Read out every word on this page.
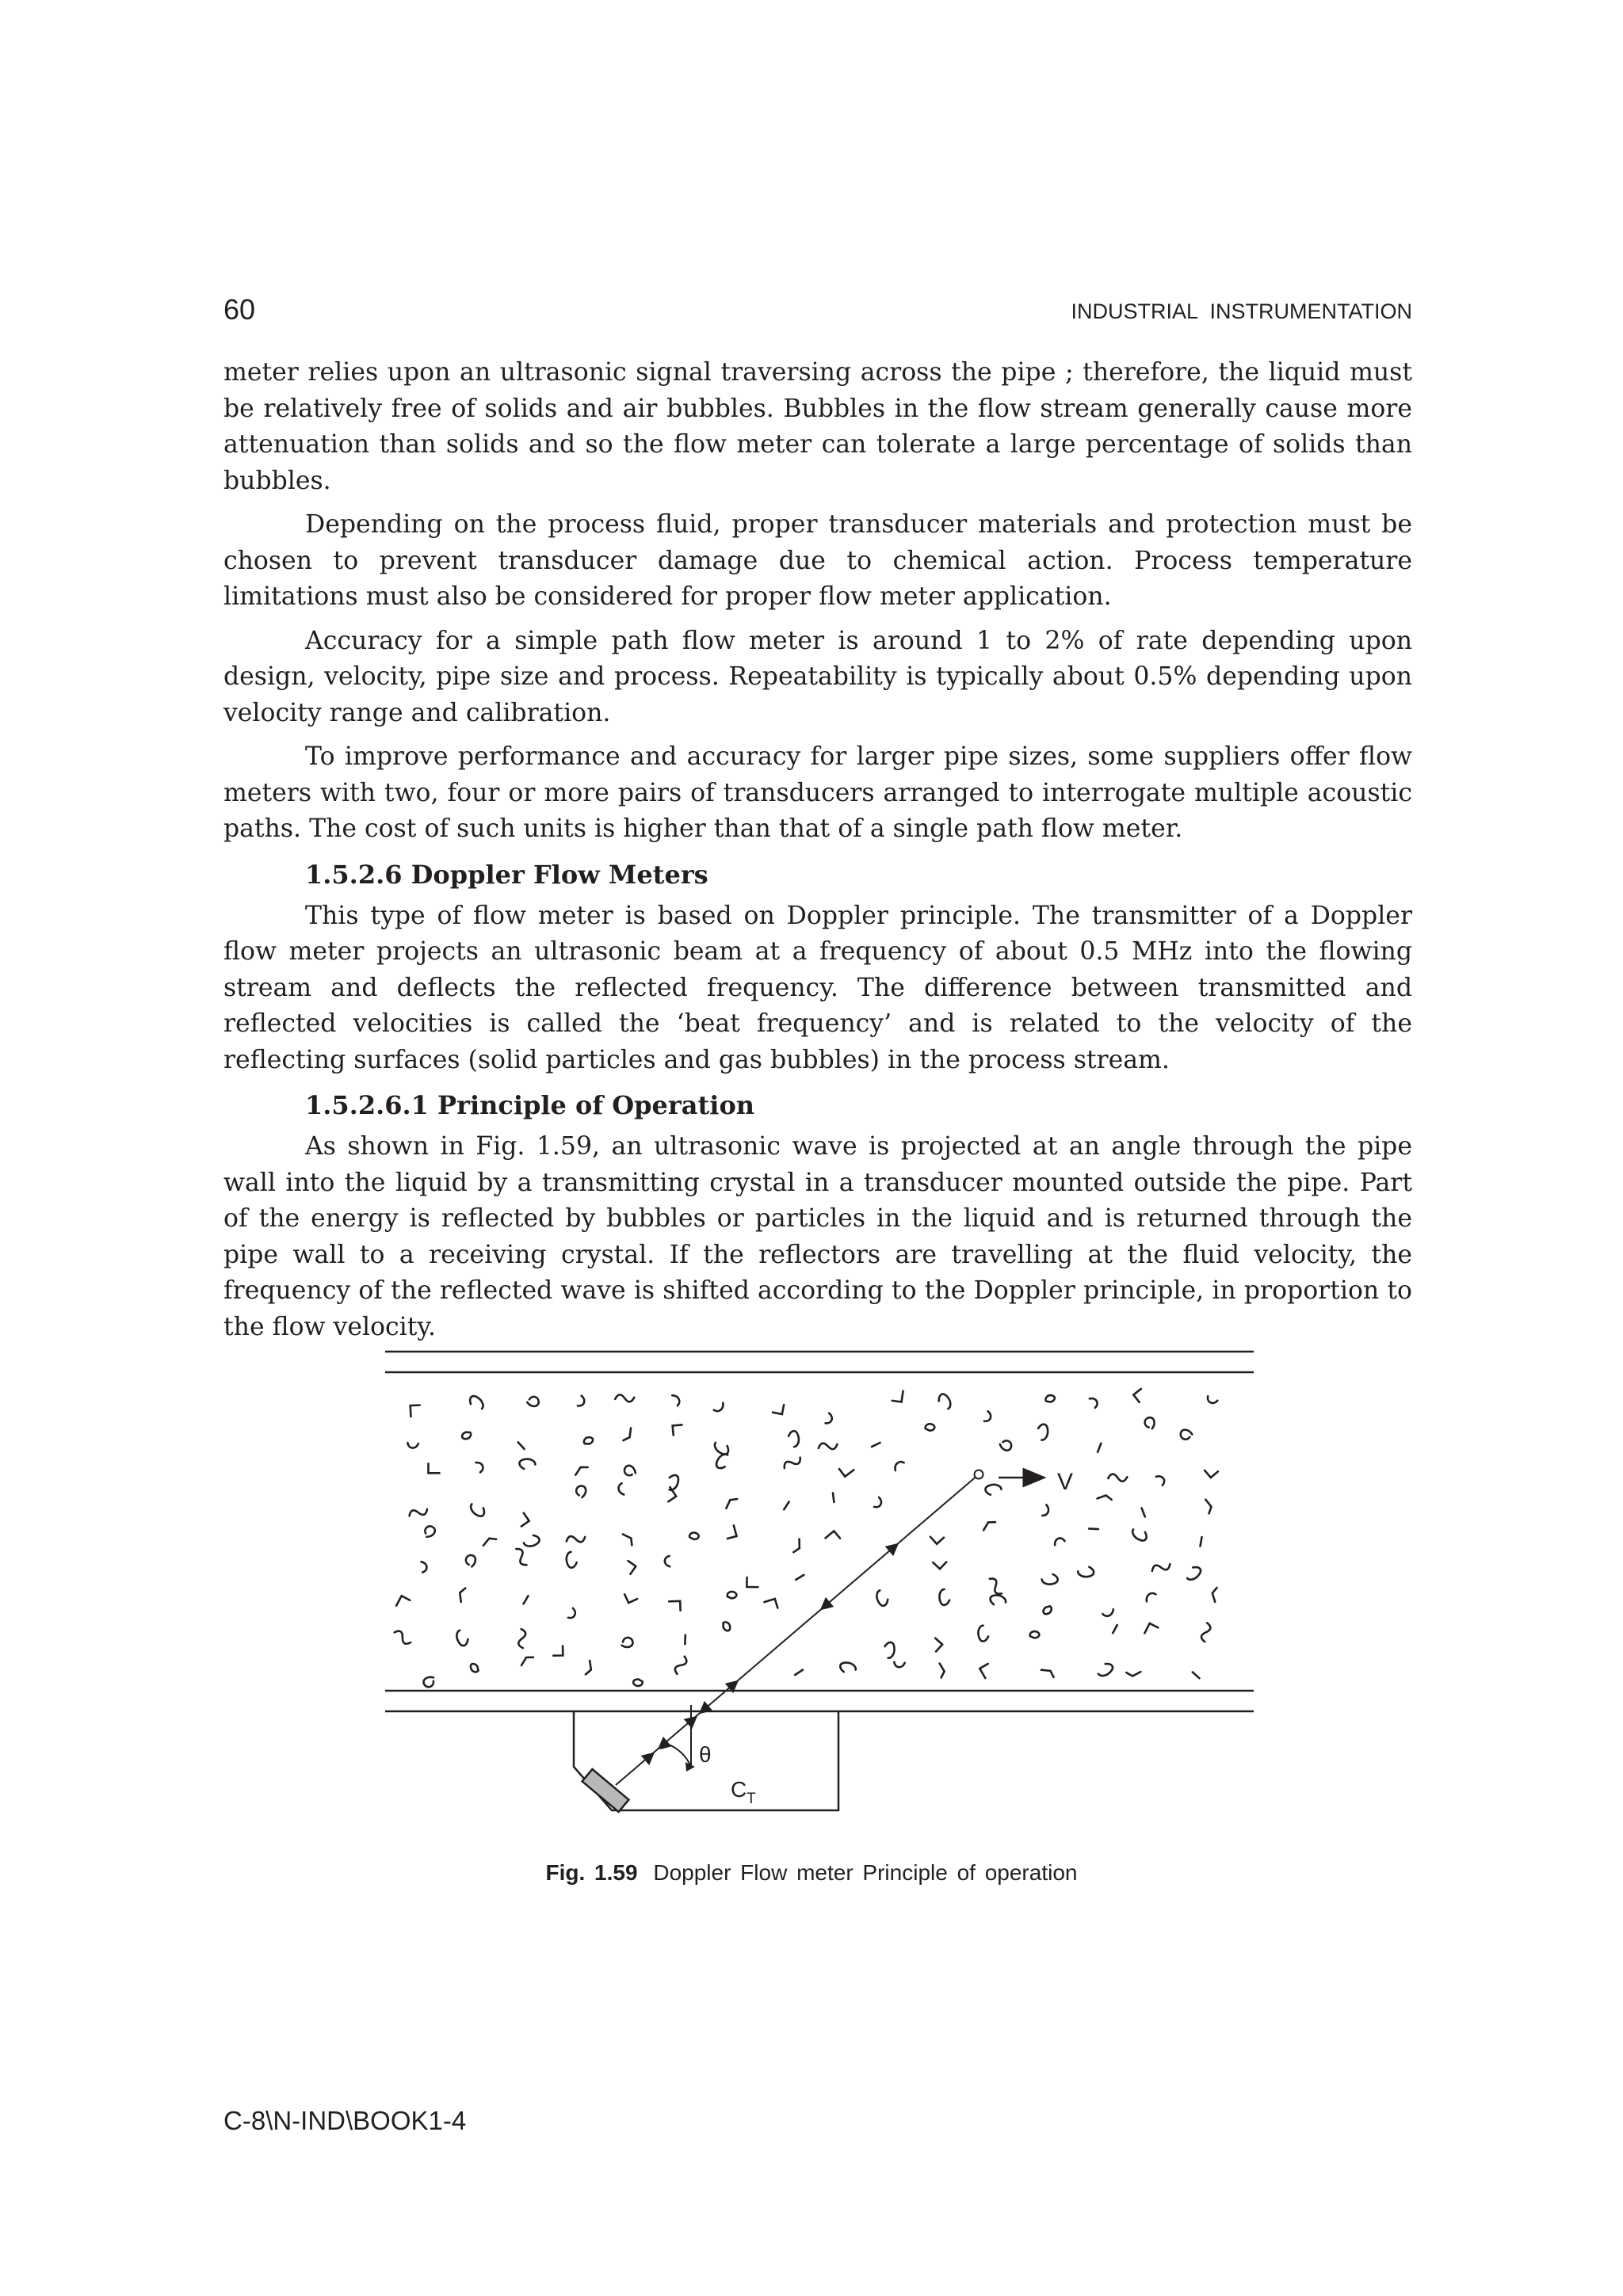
60	INDUSTRIAL INSTRUMENTATION

meter relies upon an ultrasonic signal traversing across the pipe ; therefore, the liquid must be relatively free of solids and air bubbles. Bubbles in the flow stream generally cause more attenuation than solids and so the flow meter can tolerate a large percentage of solids than bubbles.

Depending on the process fluid, proper transducer materials and protection must be chosen to prevent transducer damage due to chemical action. Process temperature limitations must also be considered for proper flow meter application.

Accuracy for a simple path flow meter is around 1 to 2% of rate depending upon design, velocity, pipe size and process. Repeatability is typically about 0.5% depending upon velocity range and calibration.

To improve performance and accuracy for larger pipe sizes, some suppliers offer flow meters with two, four or more pairs of transducers arranged to interrogate multiple acoustic paths. The cost of such units is higher than that of a single path flow meter.

1.5.2.6 Doppler Flow Meters

This type of flow meter is based on Doppler principle. The transmitter of a Doppler flow meter projects an ultrasonic beam at a frequency of about 0.5 MHz into the flowing stream and deflects the reflected frequency. The difference between transmitted and reflected velocities is called the ‘beat frequency’ and is related to the velocity of the reflecting surfaces (solid particles and gas bubbles) in the process stream.

1.5.2.6.1 Principle of Operation

As shown in Fig. 1.59, an ultrasonic wave is projected at an angle through the pipe wall into the liquid by a transmitting crystal in a transducer mounted outside the pipe. Part of the energy is reflected by bubbles or particles in the liquid and is returned through the pipe wall to a receiving crystal. If the reflectors are travelling at the fluid velocity, the frequency of the reflected wave is shifted according to the Doppler principle, in proportion to the flow velocity.

V
θ
C T
Fig. 1.59 Doppler Flow meter Principle of operation
C-8\N-IND\BOOK1-4
